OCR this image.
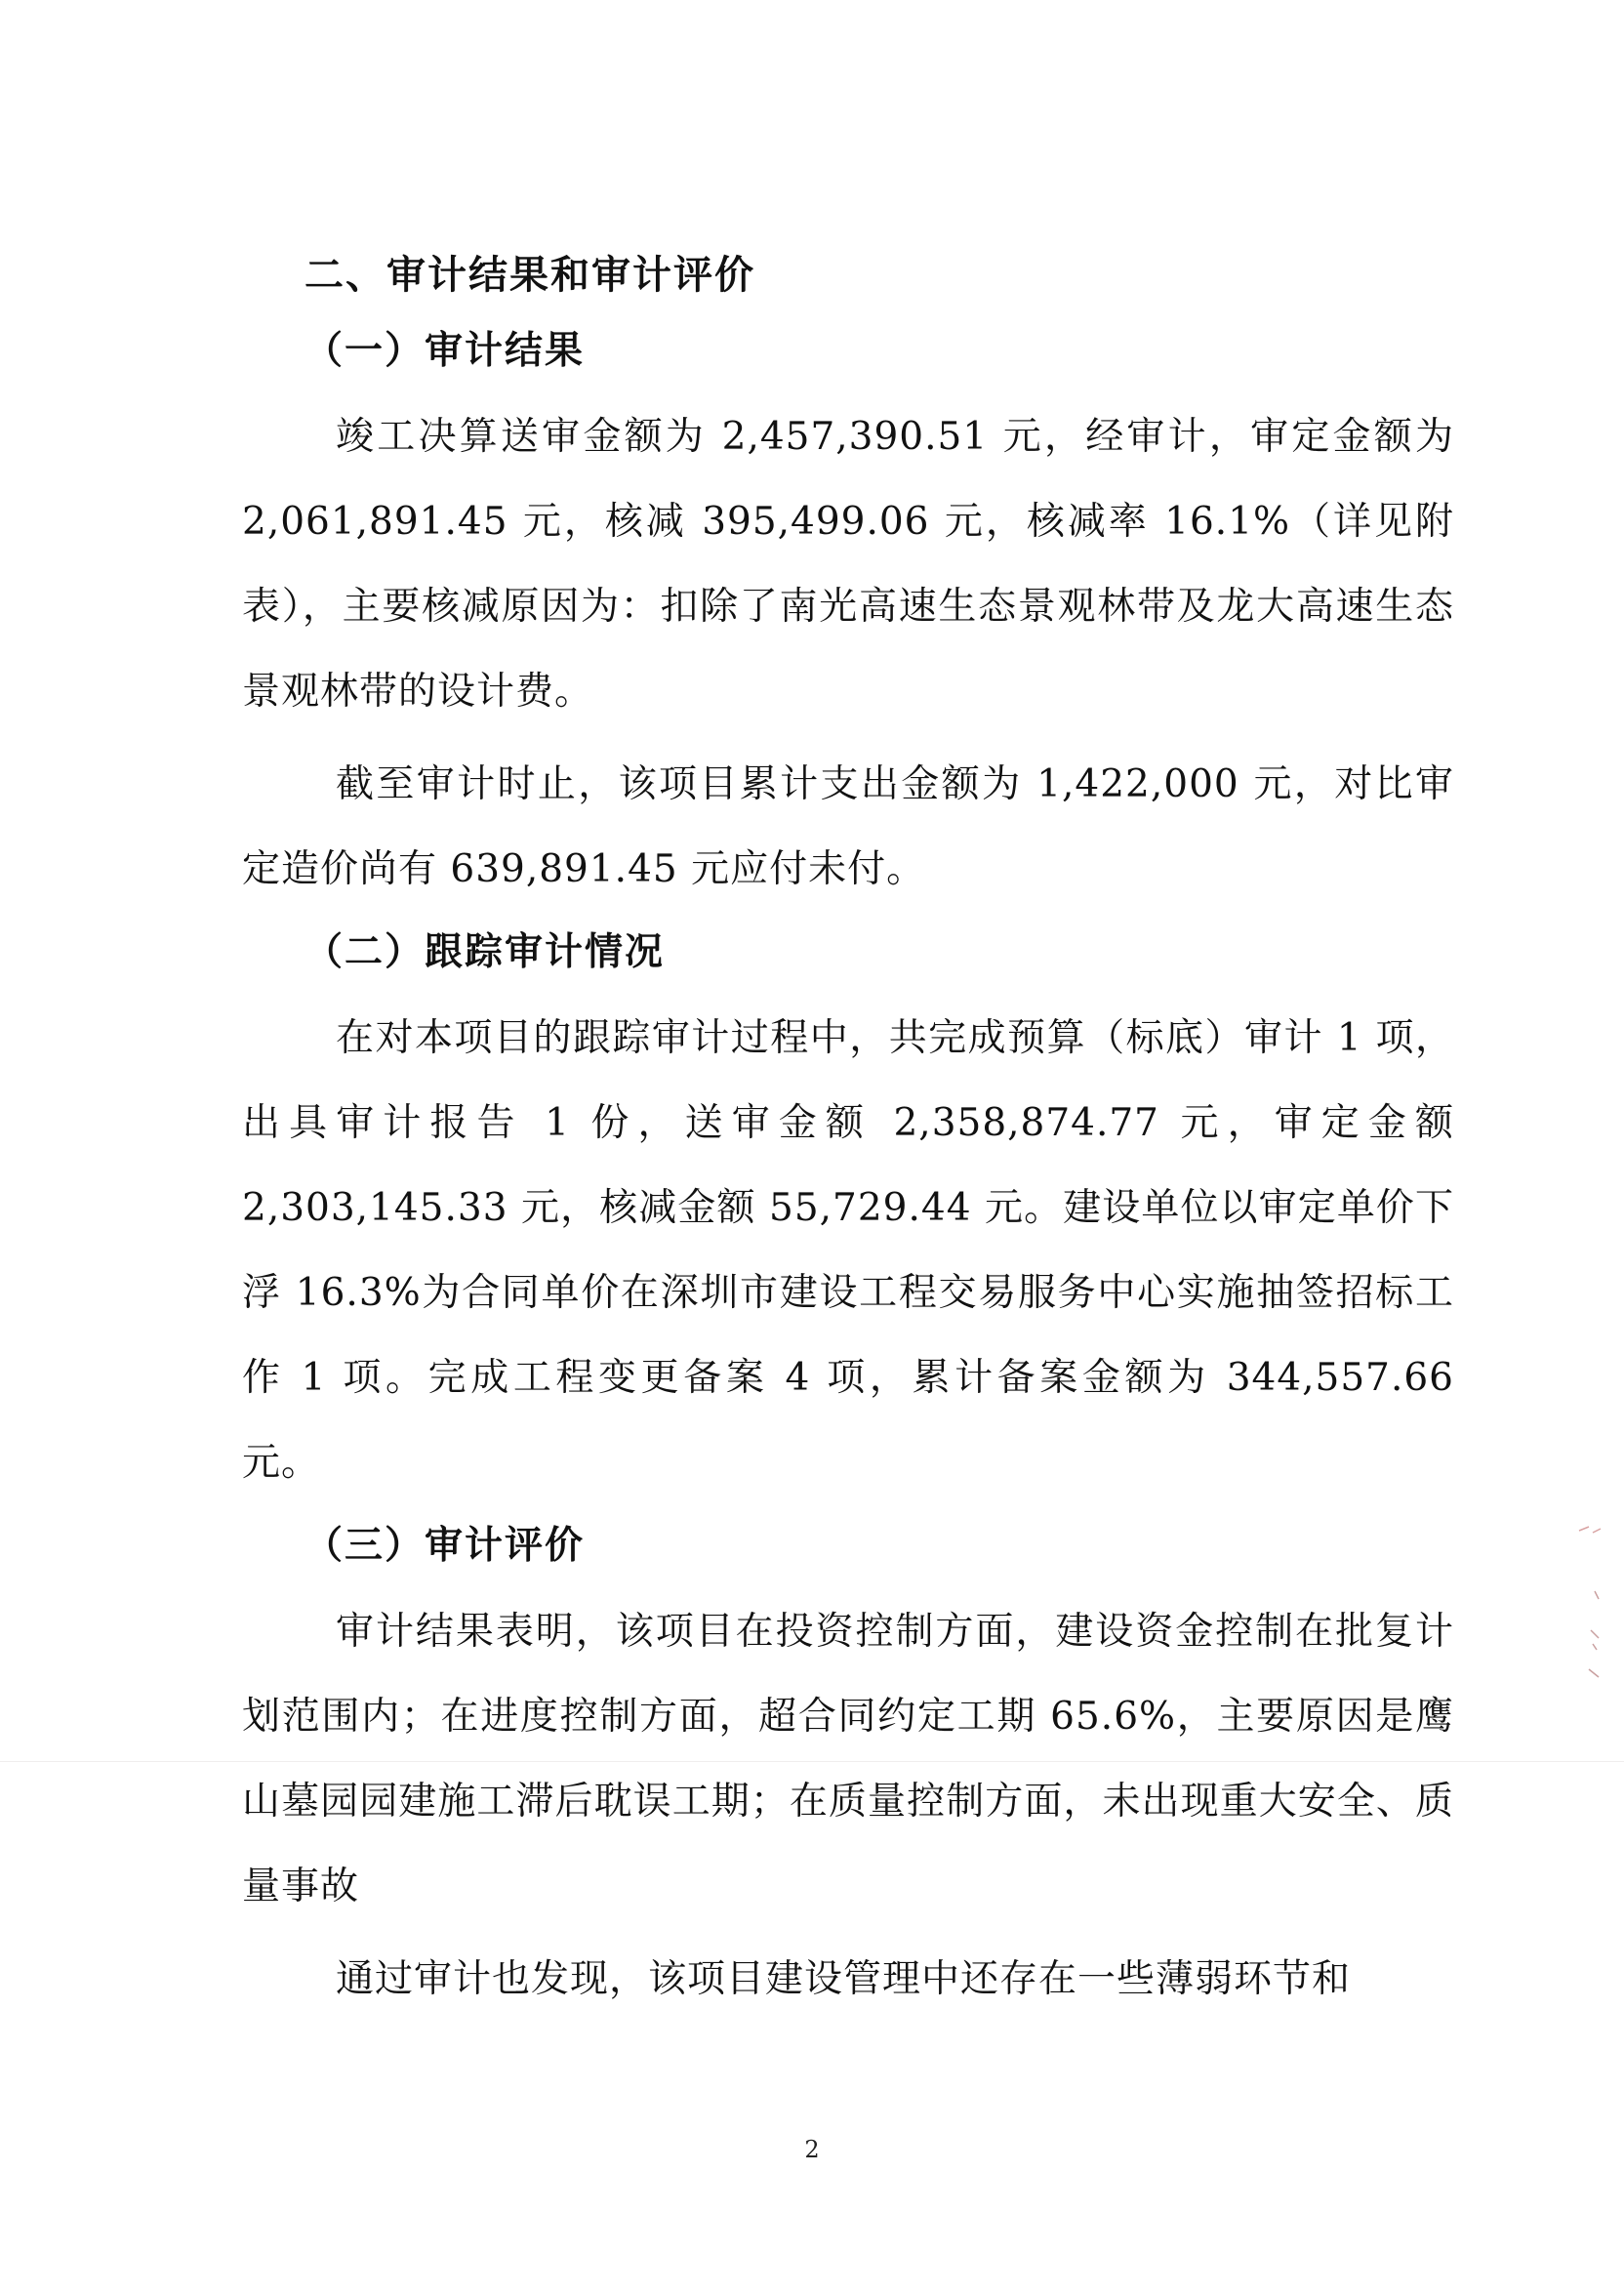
二、审计结果和审计评价
（一）审计结果

竣工决算送审金额为 2,457,390.51 元，经审计，审定金额为 2,061,891.45 元，核减 395,499.06 元，核减率 16.1%（详见附表），主要核减原因为：扣除了南光高速生态景观林带及龙大高速生态景观林带的设计费。

截至审计时止，该项目累计支出金额为 1,422,000 元，对比审定造价尚有 639,891.45 元应付未付。

（二）跟踪审计情况

在对本项目的跟踪审计过程中，共完成预算（标底）审计 1 项，出具审计报告 1 份，送审金额 2,358,874.77 元，审定金额 2,303,145.33 元，核减金额 55,729.44 元。建设单位以审定单价下浮 16.3%为合同单价在深圳市建设工程交易服务中心实施抽签招标工作 1 项。完成工程变更备案 4 项，累计备案金额为 344,557.66 元。

（三）审计评价

审计结果表明，该项目在投资控制方面，建设资金控制在批复计划范围内；在进度控制方面，超合同约定工期 65.6%，主要原因是鹰山墓园园建施工滞后耽误工期；在质量控制方面，未出现重大安全、质量事故

通过审计也发现，该项目建设管理中还存在一些薄弱环节和

2
